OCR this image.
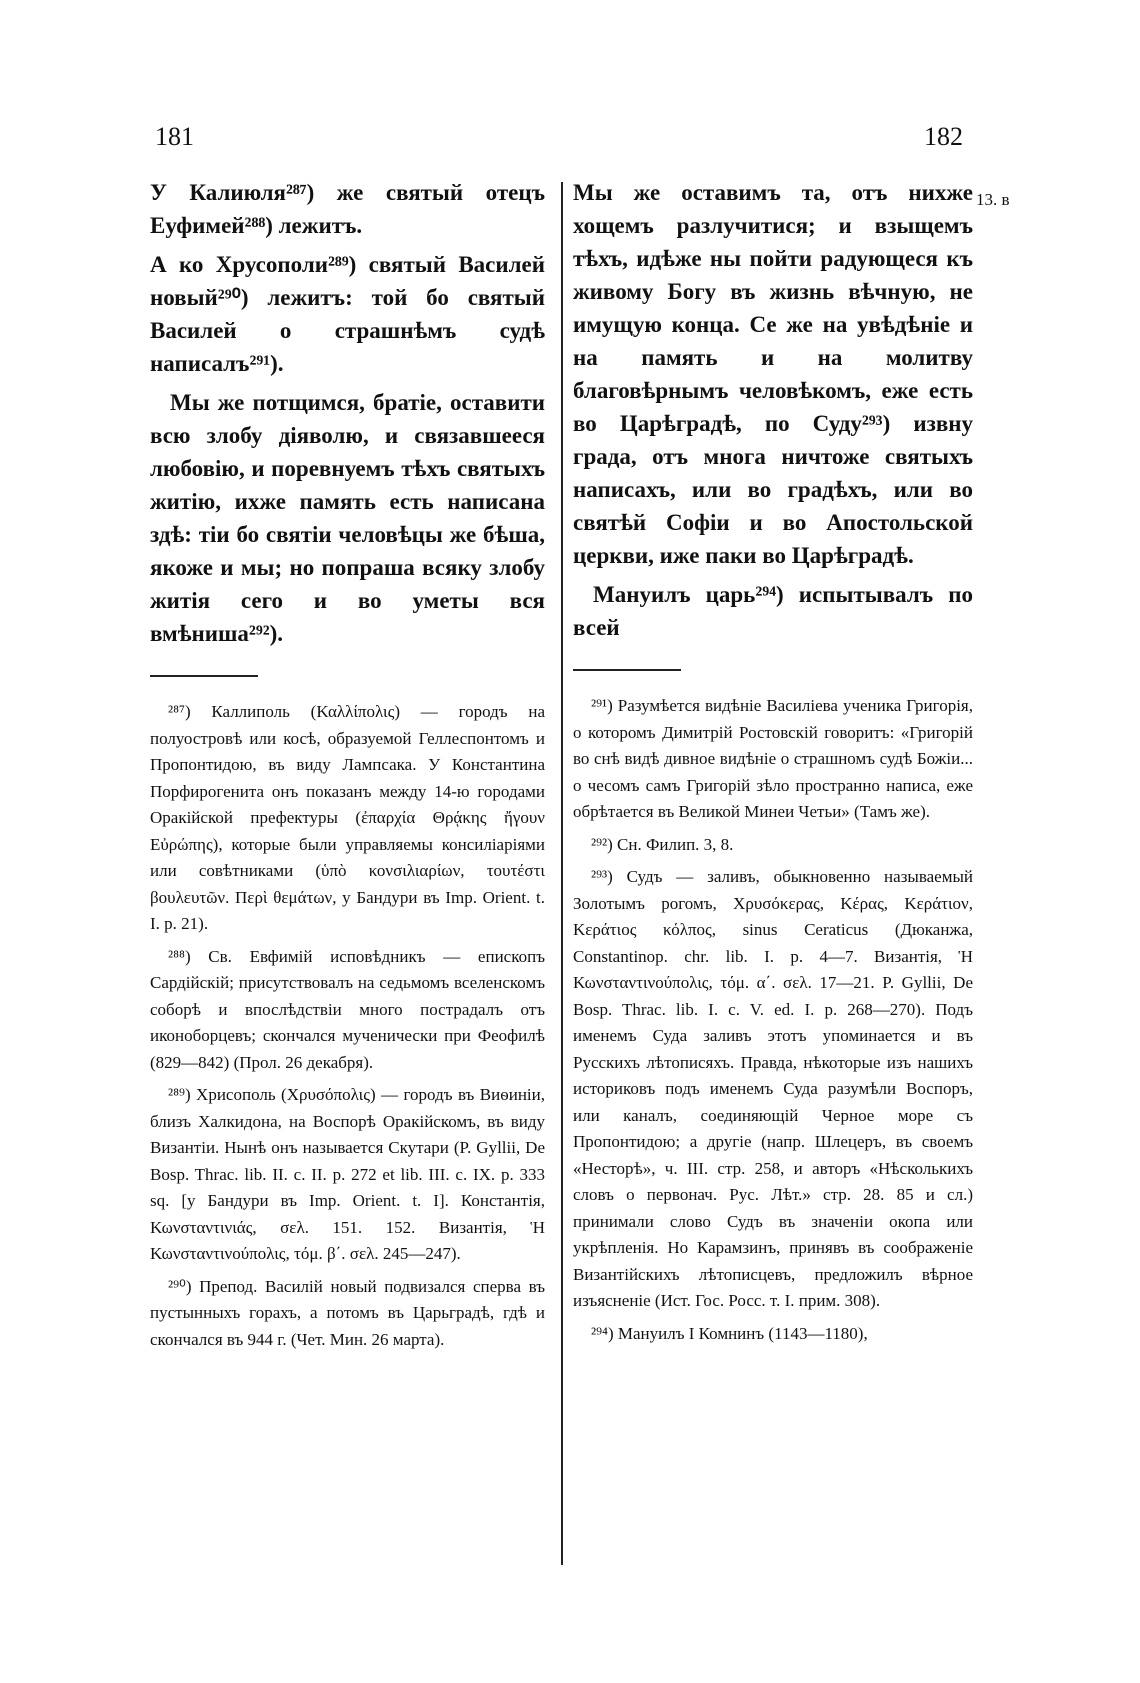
181	182
13. в

У Калиюля²⁸⁷) же святый отецъ Еуфимей²⁸⁸) лежитъ.

А ко Хрусополи²⁸⁹) святый Василей новый²⁹⁰) лежитъ: той бо святый Василей о страшнѣмъ судѣ написалъ²⁹¹).

Мы же потщимся, братіе, оставити всю злобу діяволю, и связавшееся любовію, и поревнуемъ тѣхъ святыхъ житію, ихже память есть написана здѣ: тіи бо святіи человѣцы же бѣша, якоже и мы; но попраша всяку злобу житія сего и во уметы вся вмѣниша²⁹²).

²⁸⁷) Каллиполь (Καλλίπολις) — городъ на полуостровѣ или косѣ, образуемой Геллеспонтомъ и Пропонтидою, въ виду Лампсака. У Константина Порфирогенита онъ показанъ между 14-ю городами Оракійской префектуры (ἐπαρχία Θρᾴκης ἤγουν Εὐρώπης), которые были управляемы консиліаріями или совѣтниками (ὑπὸ κονσιλιαρίων, τουτέστι βουλευτῶν. Περὶ θεμάτων, у Бандури въ Imp. Orient. t. I. p. 21).

²⁸⁸) Св. Евфимій исповѣдникъ — епископъ Сардійскій; присутствовалъ на седьмомъ вселенскомъ соборѣ и впослѣдствіи много пострадалъ отъ иконоборцевъ; скончался мученически при Феофилѣ (829—842) (Прол. 26 декабря).

²⁸⁹) Хрисополь (Χρυσόπολις) — городъ въ Виѳиніи, близъ Халкидона, на Воспорѣ Оракійскомъ, въ виду Византіи. Нынѣ онъ называется Скутари (P. Gyllii, De Bosp. Thrac. lib. II. c. II. p. 272 et lib. III. c. IX. p. 333 sq. [у Бандури въ Imp. Orient. t. I]. Константія, Κωνσταντινιάς, σελ. 151. 152. Византія, Ἡ Κωνσταντινούπολις, τόμ. β΄. σελ. 245—247).

²⁹⁰) Препод. Василій новый подвизался сперва въ пустынныхъ горахъ, а потомъ въ Царьградѣ, гдѣ и скончался въ 944 г. (Чет. Мин. 26 марта).

Мы же оставимъ та, отъ нихже хощемъ разлучитися; и взыщемъ тѣхъ, идѣже ны пойти радующеся къ живому Богу въ жизнь вѣчную, не имущую конца. Се же на увѣдѣніе и на память и на молитву благовѣрнымъ человѣкомъ, еже есть во Царѣградѣ, по Суду²⁹³) извну града, отъ многа ничтоже святыхъ написахъ, или во градѣхъ, или во святѣй Софіи и во Апостольской церкви, иже паки во Царѣградѣ.

Мануилъ царь²⁹⁴) испытывалъ по всей

²⁹¹) Разумѣется видѣніе Василіева ученика Григорія, о которомъ Димитрій Ростовскій говоритъ: «Григорій во снѣ видѣ дивное видѣніе о страшномъ судѣ Божіи... о чесомъ самъ Григорій зѣло пространно написа, еже обрѣтается въ Великой Минеи Четьи» (Тамъ же).

²⁹²) Сн. Филип. 3, 8.

²⁹³) Судъ — заливъ, обыкновенно называемый Золотымъ рогомъ, Χρυσόκερας, Κέρας, Κεράτιον, Κεράτιος κόλπος, sinus Ceraticus (Дюканжа, Constantinop. chr. lib. I. p. 4—7. Византія, Ἡ Κωνσταντινούπολις, τόμ. α΄. σελ. 17—21. P. Gyllii, De Bosp. Thrac. lib. I. c. V. ed. I. p. 268—270). Подъ именемъ Суда заливъ этотъ упоминается и въ Русскихъ лѣтописяхъ. Правда, нѣкоторые изъ нашихъ историковъ подъ именемъ Суда разумѣли Воспоръ, или каналъ, соединяющій Черное море съ Пропонтидою; а другіе (напр. Шлецеръ, въ своемъ «Несторѣ», ч. III. стр. 258, и авторъ «Нѣсколькихъ словъ о первонач. Рус. Лѣт.» стр. 28. 85 и сл.) принимали слово Судъ въ значеніи окопа или укрѣпленія. Но Карамзинъ, принявъ въ соображеніе Византійскихъ лѣтописцевъ, предложилъ вѣрное изъясненіе (Ист. Гос. Росс. т. I. прим. 308).

²⁹⁴) Мануилъ I Комнинъ (1143—1180),
